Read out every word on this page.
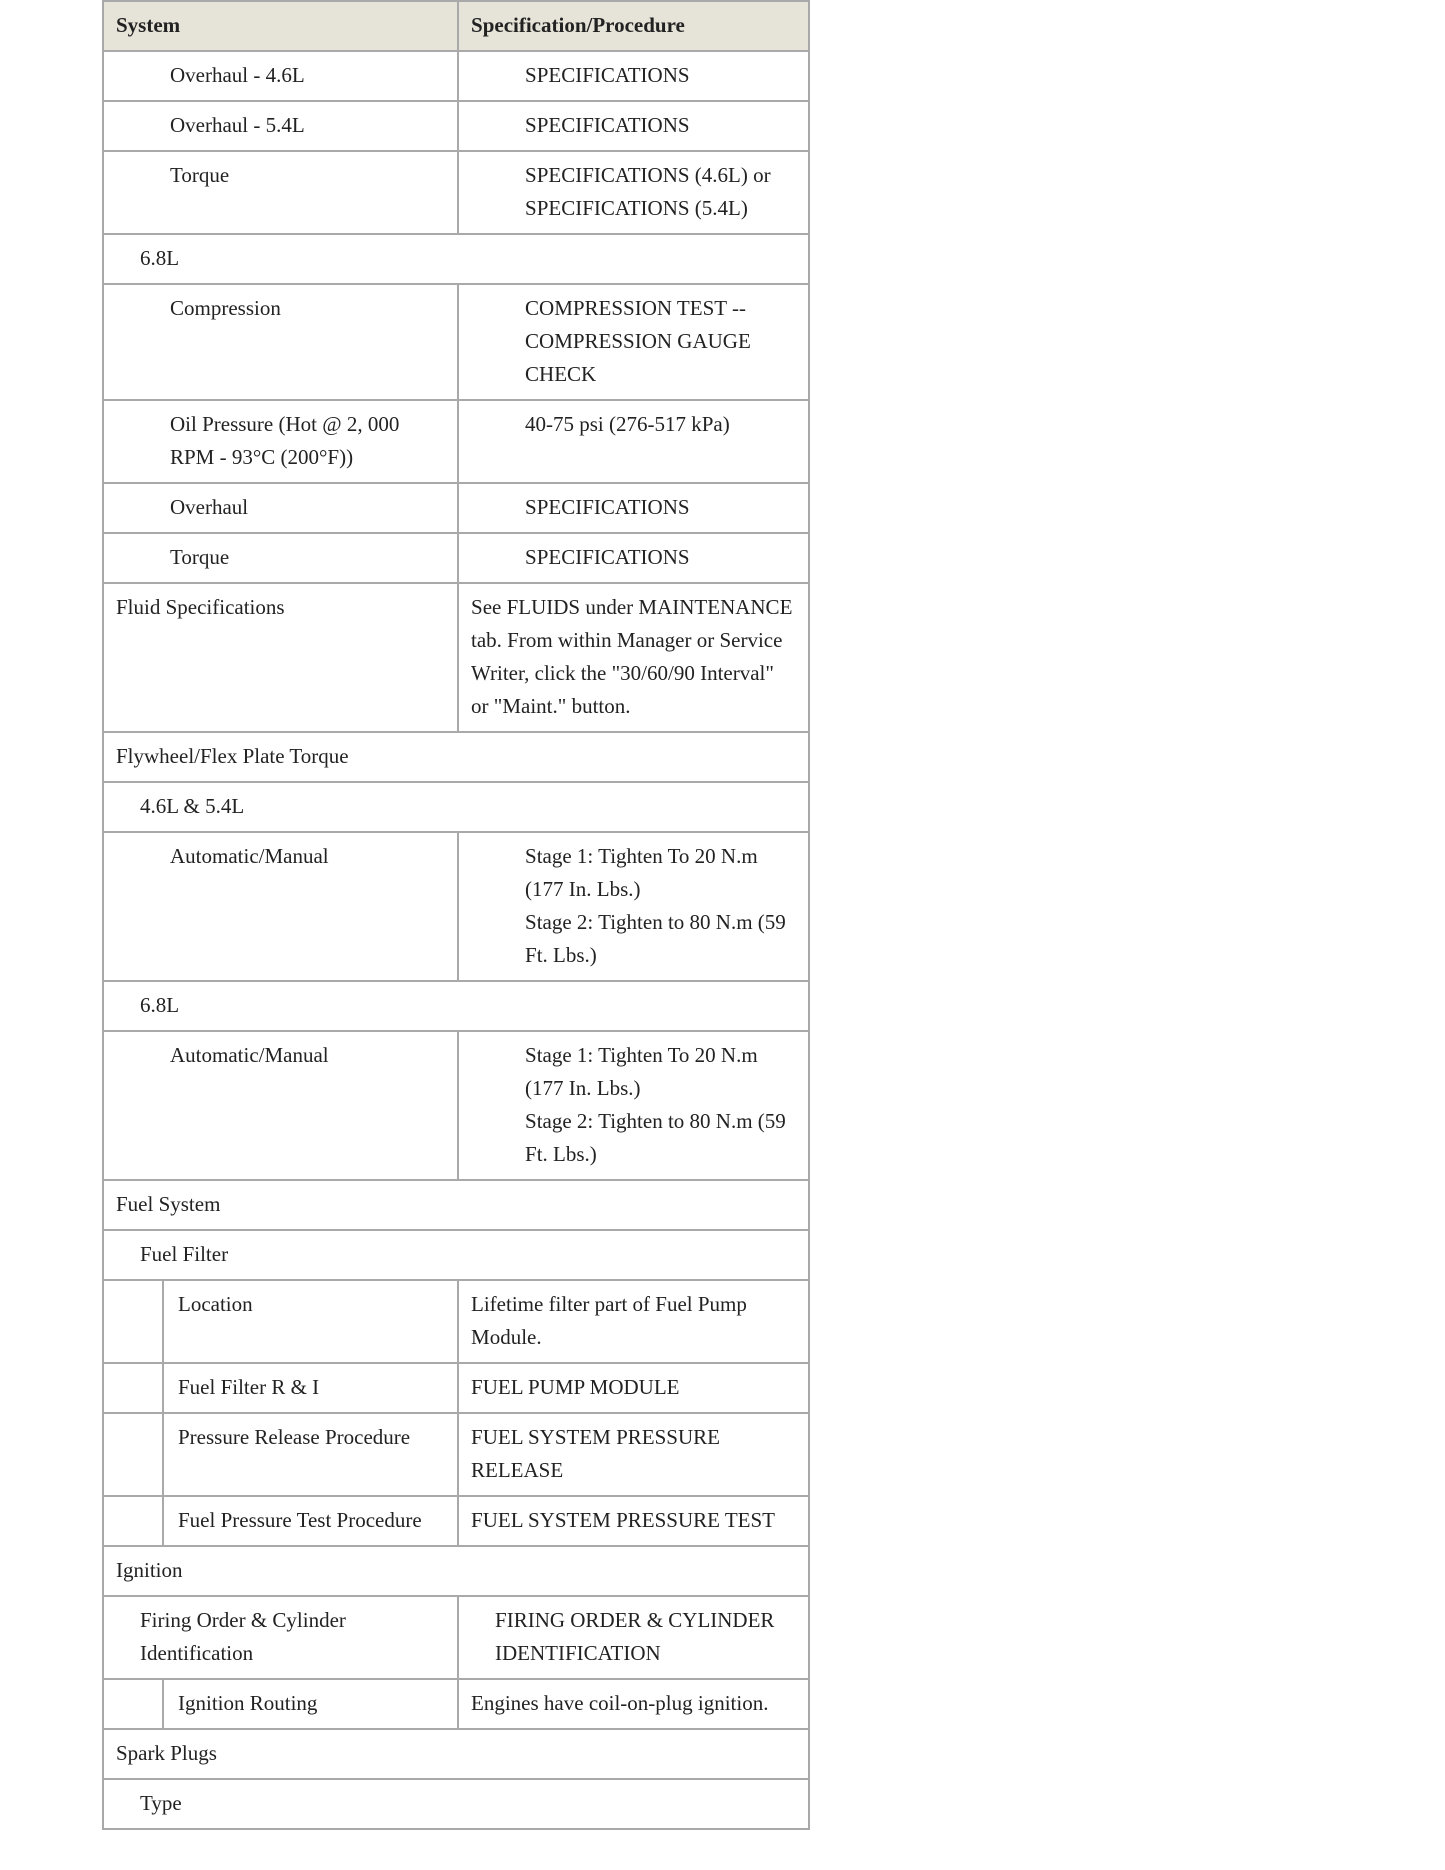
System		Specification/Procedure
Overhaul - 4.6L		SPECIFICATIONS

Overhaul - 5.4L		SPECIFICATIONS

Torque		SPECIFICATIONS (4.6L) or SPECIFICATIONS (5.4L)

6.8L		
Compression		COMPRESSION TEST -- COMPRESSION GAUGE CHECK

Oil Pressure (Hot @ 2, 000 RPM - 93°C (200°F))		40-75 psi (276-517 kPa)

Overhaul		SPECIFICATIONS

Torque		SPECIFICATIONS

Fluid Specifications		See FLUIDS under MAINTENANCE tab. From within Manager or Service Writer, click the "30/60/90 Interval" or "Maint." button.

Flywheel/Flex Plate Torque		
4.6L & 5.4L		
Automatic/Manual		Stage 1: Tighten To 20 N.m (177 In. Lbs.)
Stage 2: Tighten to 80 N.m (59 Ft. Lbs.)

6.8L		
Automatic/Manual		Stage 1: Tighten To 20 N.m (177 In. Lbs.)
Stage 2: Tighten to 80 N.m (59 Ft. Lbs.)

Fuel System		
Fuel Filter		
	Location	Lifetime filter part of Fuel Pump Module.

	Fuel Filter R & I	FUEL PUMP MODULE

	Pressure Release Procedure	FUEL SYSTEM PRESSURE RELEASE

	Fuel Pressure Test Procedure	FUEL SYSTEM PRESSURE TEST

Ignition		
Firing Order & Cylinder Identification		FIRING ORDER & CYLINDER IDENTIFICATION

	Ignition Routing	Engines have coil-on-plug ignition.

Spark Plugs		
Type		
